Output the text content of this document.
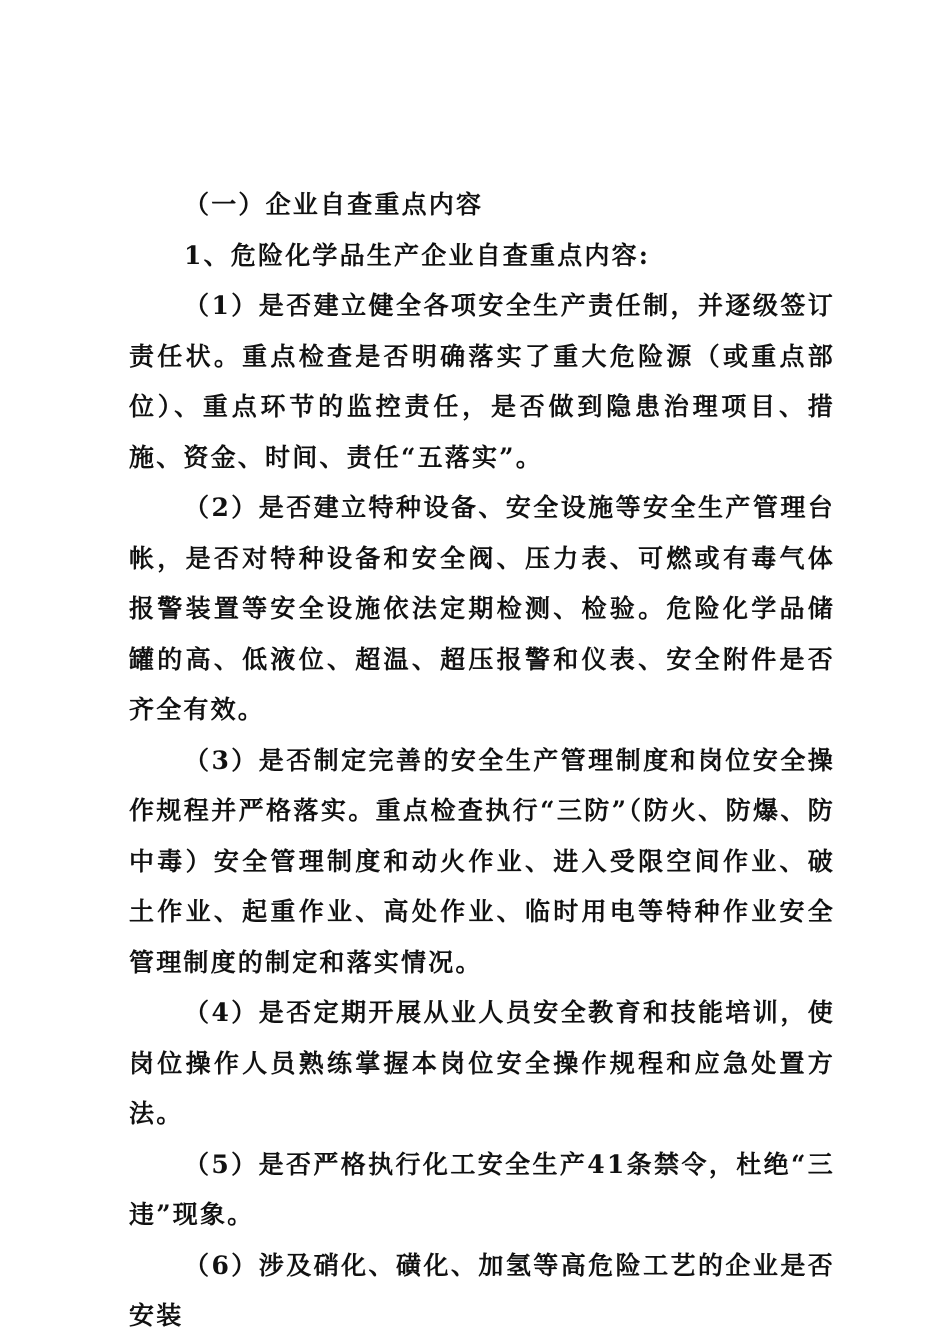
（一）企业自查重点内容

1、危险化学品生产企业自查重点内容:

（1）是否建立健全各项安全生产责任制，并逐级签订责任状。重点检查是否明确落实了重大危险源（或重点部位）、重点环节的监控责任，是否做到隐患治理项目、措施、资金、时间、责任“五落实”。

（2）是否建立特种设备、安全设施等安全生产管理台帐，是否对特种设备和安全阀、压力表、可燃或有毒气体报警装置等安全设施依法定期检测、检验。危险化学品储罐的高、低液位、超温、超压报警和仪表、安全附件是否齐全有效。

（3）是否制定完善的安全生产管理制度和岗位安全操作规程并严格落实。重点检查执行“三防”（防火、防爆、防中毒）安全管理制度和动火作业、进入受限空间作业、破土作业、起重作业、高处作业、临时用电等特种作业安全管理制度的制定和落实情况。

（4）是否定期开展从业人员安全教育和技能培训，使岗位操作人员熟练掌握本岗位安全操作规程和应急处置方法。

（5）是否严格执行化工安全生产41条禁令，杜绝“三违”现象。

（6）涉及硝化、磺化、加氢等高危险工艺的企业是否安装
